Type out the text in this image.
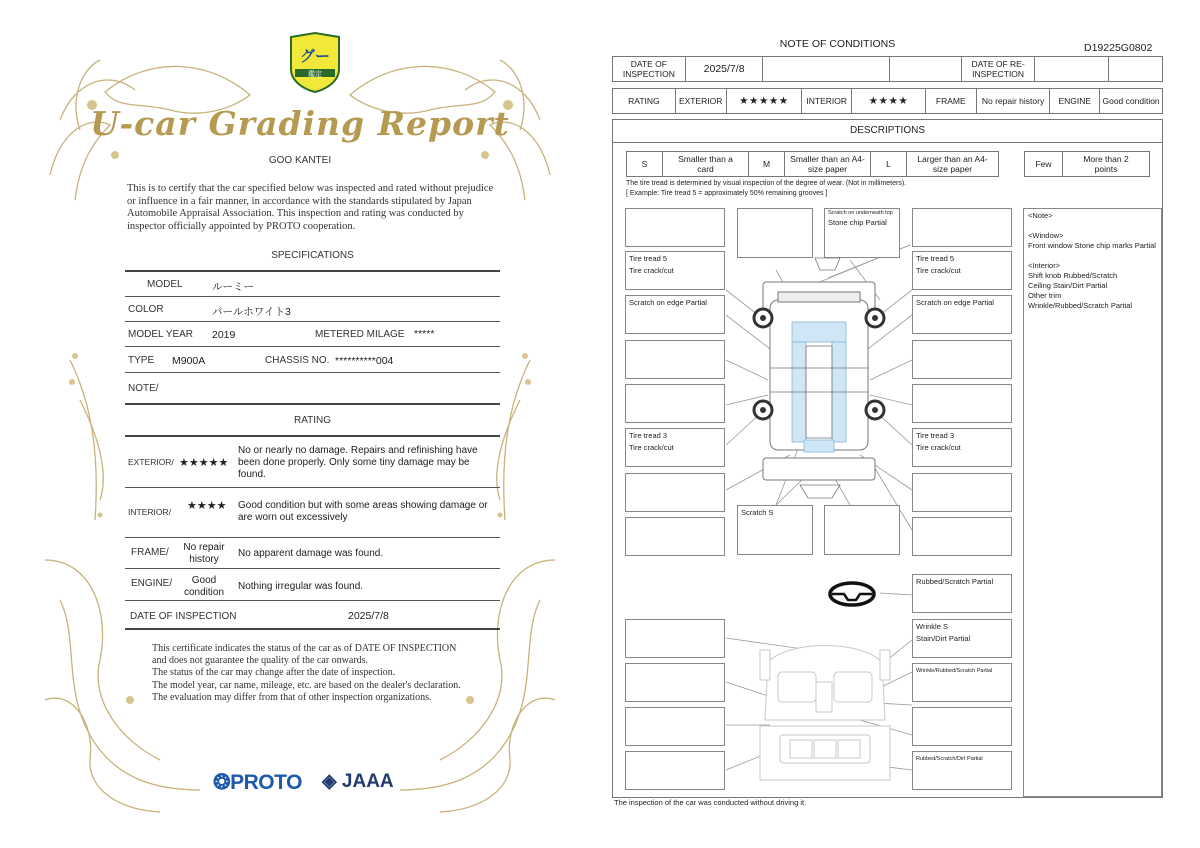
グー
鑑定
U-car Grading Report
GOO KANTEI
This is to certify that the car specified below was inspected and rated without prejudice or influence in a fair manner, in accordance with the standards stipulated by Japan Automobile Appraisal Association. This inspection and rating was conducted by inspector officially appointed by PROTO cooperation.
SPECIFICATIONS
MODEL	ルーミー
COLOR	パールホワイト3
MODEL YEAR 2019	METERED MILAGE *****
TYPE M900A	CHASSIS NO. **********004
NOTE/
RATING
EXTERIOR/ ★★★★★
No or nearly no damage. Repairs and refinishing have been done properly. Only some tiny damage may be found.
INTERIOR/ ★★★★ Good condition but with some areas showing damage or are worn out excessively
FRAME/	No repair history
No apparent damage was found.
ENGINE/	Good condition
Nothing irregular was found.
DATE OF INSPECTION	2025/7/8
This certificate indicates the status of the car as of DATE OF INSPECTION and does not guarantee the quality of the car onwards.
The status of the car may change after the date of inspection.
The model year, car name, mileage, etc. are based on the dealer's declaration.
The evaluation may differ from that of other inspection organizations.
❂PROTO ◈ JAAA
NOTE OF CONDITIONS	D19225G0802
DATE OF INSPECTION	2025/7/8	DATE OF RE-INSPECTION
RATING	EXTERIOR	★★★★★	INTERIOR	★★★★	FRAME	No repair history	ENGINE	Good condition
DESCRIPTIONS
S	Smaller than a card	M	Smaller than an A4-size paper	L	Larger than an A4-size paper	Few	More than 2 points
The tire tread is determined by visual inspection of the degree of wear. (Not in millimeters).
[ Example: Tire tread 5 = approximately 50% remaining grooves ]
Tire tread 5
Tire crack/cut
Scratch on edge Partial
Tire tread 3
Tire crack/cut
Scratch on underneath top
Stone chip Partial
Scratch S
Tire tread 5
Tire crack/cut
Scratch on edge Partial
Tire tread 3
Tire crack/cut
Rubbed/Scratch Partial
Wrinkle S
Stain/Dirt Partial
Wrinkle/Rubbed/Scratch Partial
Rubbed/Scratch/Dirt Partial
<Note>

<Window>
Front window Stone chip marks Partial

<Interior>
Shift knob Rubbed/Scratch
Ceiling Stain/Dirt Partial
Other trim
Wrinkle/Rubbed/Scratch Partial
The inspection of the car was conducted without driving it.
